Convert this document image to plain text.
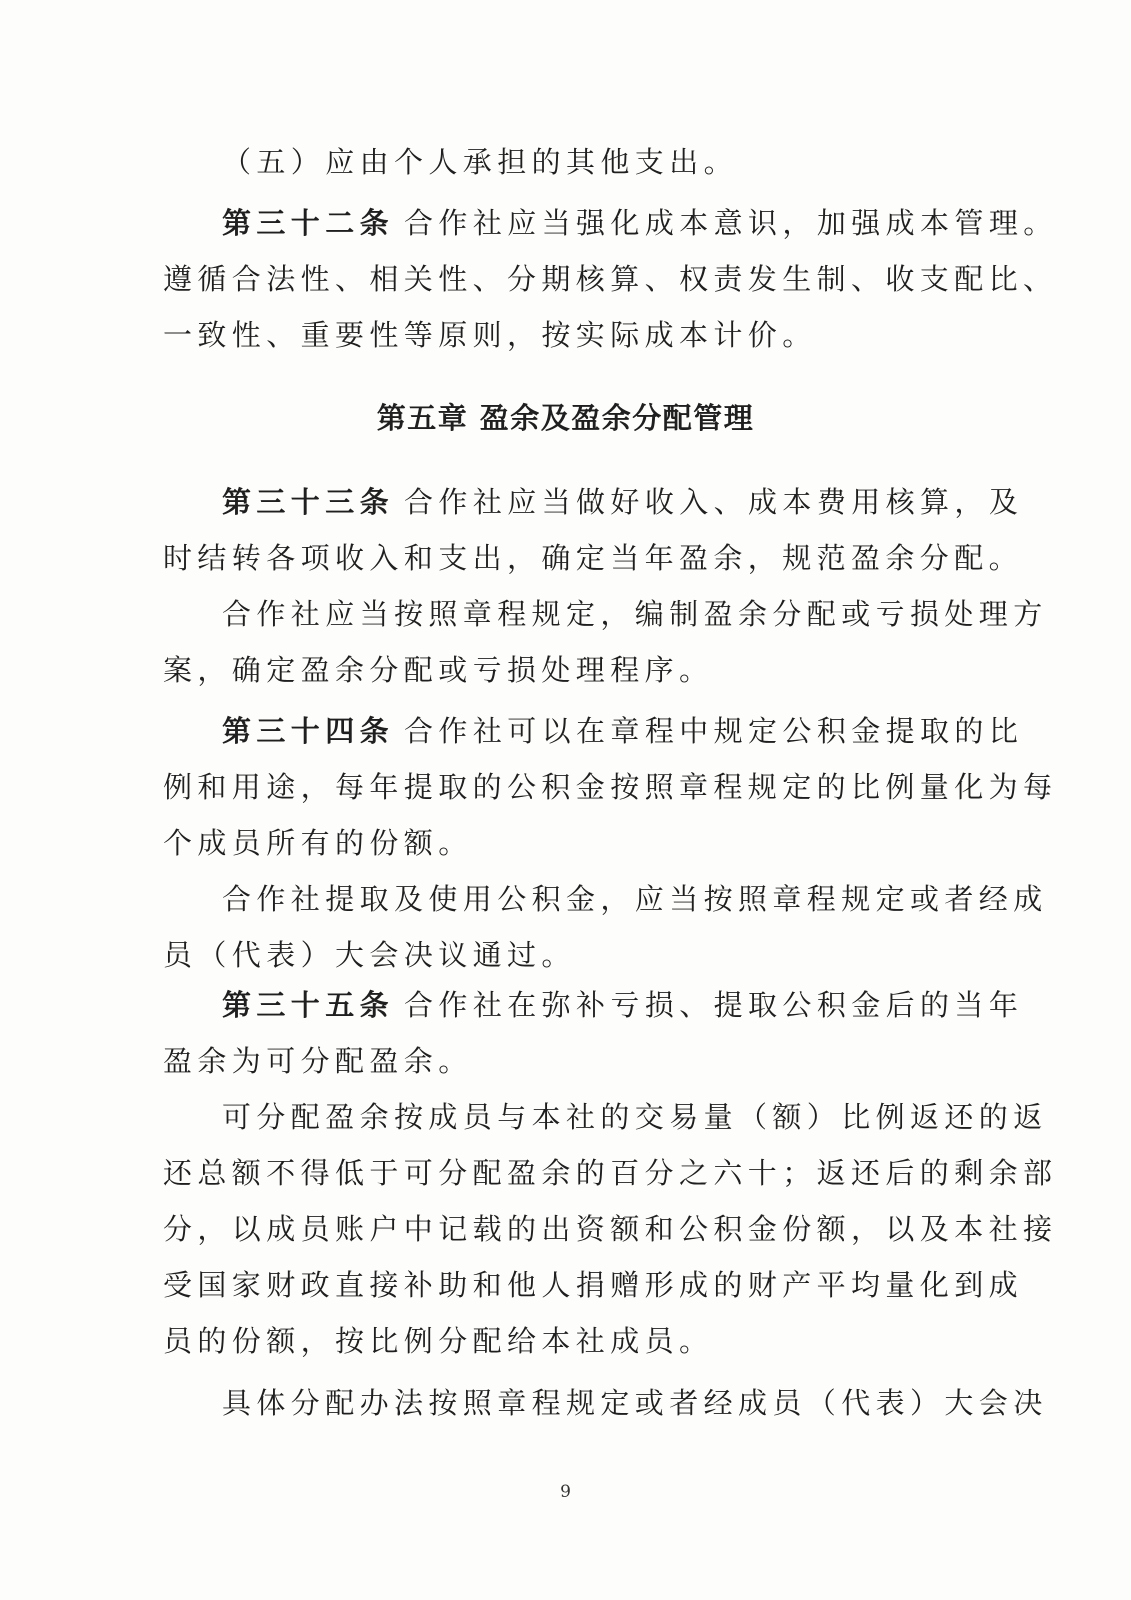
（五）应由个人承担的其他支出。
第三十二条 合作社应当强化成本意识，加强成本管理。
遵循合法性、相关性、分期核算、权责发生制、收支配比、
一致性、重要性等原则，按实际成本计价。
第五章 盈余及盈余分配管理
第三十三条 合作社应当做好收入、成本费用核算，及
时结转各项收入和支出，确定当年盈余，规范盈余分配。
合作社应当按照章程规定，编制盈余分配或亏损处理方
案，确定盈余分配或亏损处理程序。
第三十四条 合作社可以在章程中规定公积金提取的比
例和用途，每年提取的公积金按照章程规定的比例量化为每
个成员所有的份额。
合作社提取及使用公积金，应当按照章程规定或者经成
员（代表）大会决议通过。
第三十五条 合作社在弥补亏损、提取公积金后的当年
盈余为可分配盈余。
可分配盈余按成员与本社的交易量（额）比例返还的返
还总额不得低于可分配盈余的百分之六十；返还后的剩余部
分，以成员账户中记载的出资额和公积金份额，以及本社接
受国家财政直接补助和他人捐赠形成的财产平均量化到成
员的份额，按比例分配给本社成员。
具体分配办法按照章程规定或者经成员（代表）大会决
9
